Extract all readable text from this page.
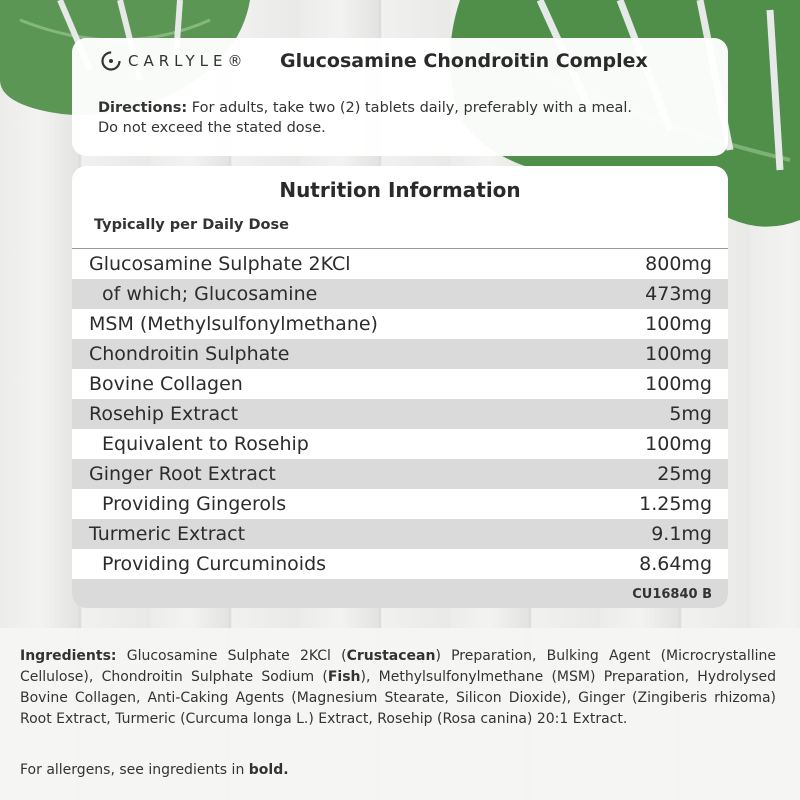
CARLYLE® Glucosamine Chondroitin Complex
Directions: For adults, take two (2) tablets daily, preferably with a meal.
Do not exceed the stated dose.
Nutrition Information
Typically per Daily Dose
Glucosamine Sulphate 2KCl	800mg
of which; Glucosamine	473mg
MSM (Methylsulfonylmethane)	100mg
Chondroitin Sulphate	100mg
Bovine Collagen	100mg
Rosehip Extract	5mg
Equivalent to Rosehip	100mg
Ginger Root Extract	25mg
Providing Gingerols	1.25mg
Turmeric Extract	9.1mg
Providing Curcuminoids	8.64mg
CU16840 B
Ingredients: Glucosamine Sulphate 2KCl (Crustacean) Preparation, Bulking Agent (Microcrystalline Cellulose), Chondroitin Sulphate Sodium (Fish), Methylsulfonylmethane (MSM) Preparation, Hydrolysed Bovine Collagen, Anti-Caking Agents (Magnesium Stearate, Silicon Dioxide), Ginger (Zingiberis rhizoma) Root Extract, Turmeric (Curcuma longa L.) Extract, Rosehip (Rosa canina) 20:1 Extract.
For allergens, see ingredients in bold.
